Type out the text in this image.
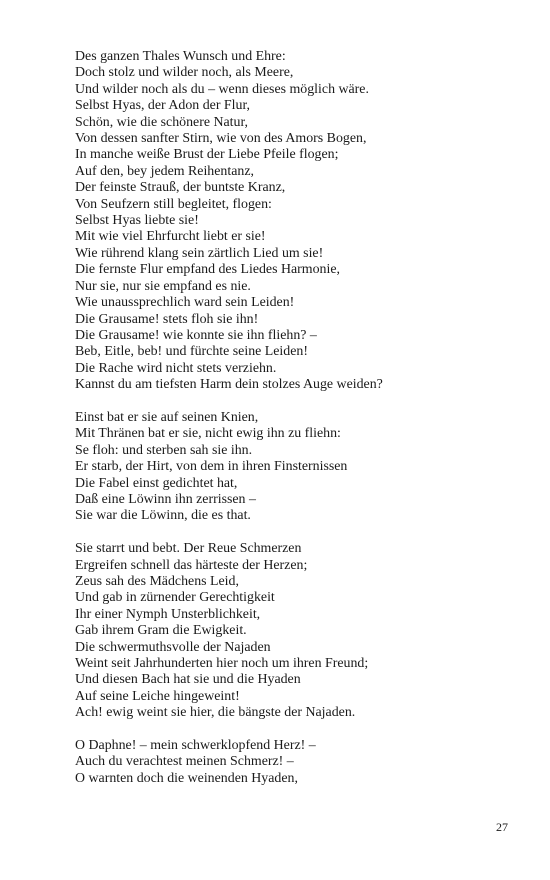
Des ganzen Thales Wunsch und Ehre:
Doch stolz und wilder noch, als Meere,
Und wilder noch als du – wenn dieses möglich wäre.
Selbst Hyas, der Adon der Flur,
Schön, wie die schönere Natur,
Von dessen sanfter Stirn, wie von des Amors Bogen,
In manche weiße Brust der Liebe Pfeile flogen;
Auf den, bey jedem Reihentanz,
Der feinste Strauß, der buntste Kranz,
Von Seufzern still begleitet, flogen:
Selbst Hyas liebte sie!
Mit wie viel Ehrfurcht liebt er sie!
Wie rührend klang sein zärtlich Lied um sie!
Die fernste Flur empfand des Liedes Harmonie,
Nur sie, nur sie empfand es nie.
Wie unaussprechlich ward sein Leiden!
Die Grausame! stets floh sie ihn!
Die Grausame! wie konnte sie ihn fliehn? –
Beb, Eitle, beb! und fürchte seine Leiden!
Die Rache wird nicht stets verziehn.
Kannst du am tiefsten Harm dein stolzes Auge weiden?
Einst bat er sie auf seinen Knien,
Mit Thränen bat er sie, nicht ewig ihn zu fliehn:
Se floh: und sterben sah sie ihn.
Er starb, der Hirt, von dem in ihren Finsternissen
Die Fabel einst gedichtet hat,
Daß eine Löwinn ihn zerrissen –
Sie war die Löwinn, die es that.
Sie starrt und bebt. Der Reue Schmerzen
Ergreifen schnell das härteste der Herzen;
Zeus sah des Mädchens Leid,
Und gab in zürnender Gerechtigkeit
Ihr einer Nymph Unsterblichkeit,
Gab ihrem Gram die Ewigkeit.
Die schwermuthsvolle der Najaden
Weint seit Jahrhunderten hier noch um ihren Freund;
Und diesen Bach hat sie und die Hyaden
Auf seine Leiche hingeweint!
Ach! ewig weint sie hier, die bängste der Najaden.
O Daphne! – mein schwerklopfend Herz! –
Auch du verachtest meinen Schmerz! –
O warnten doch die weinenden Hyaden,
27
